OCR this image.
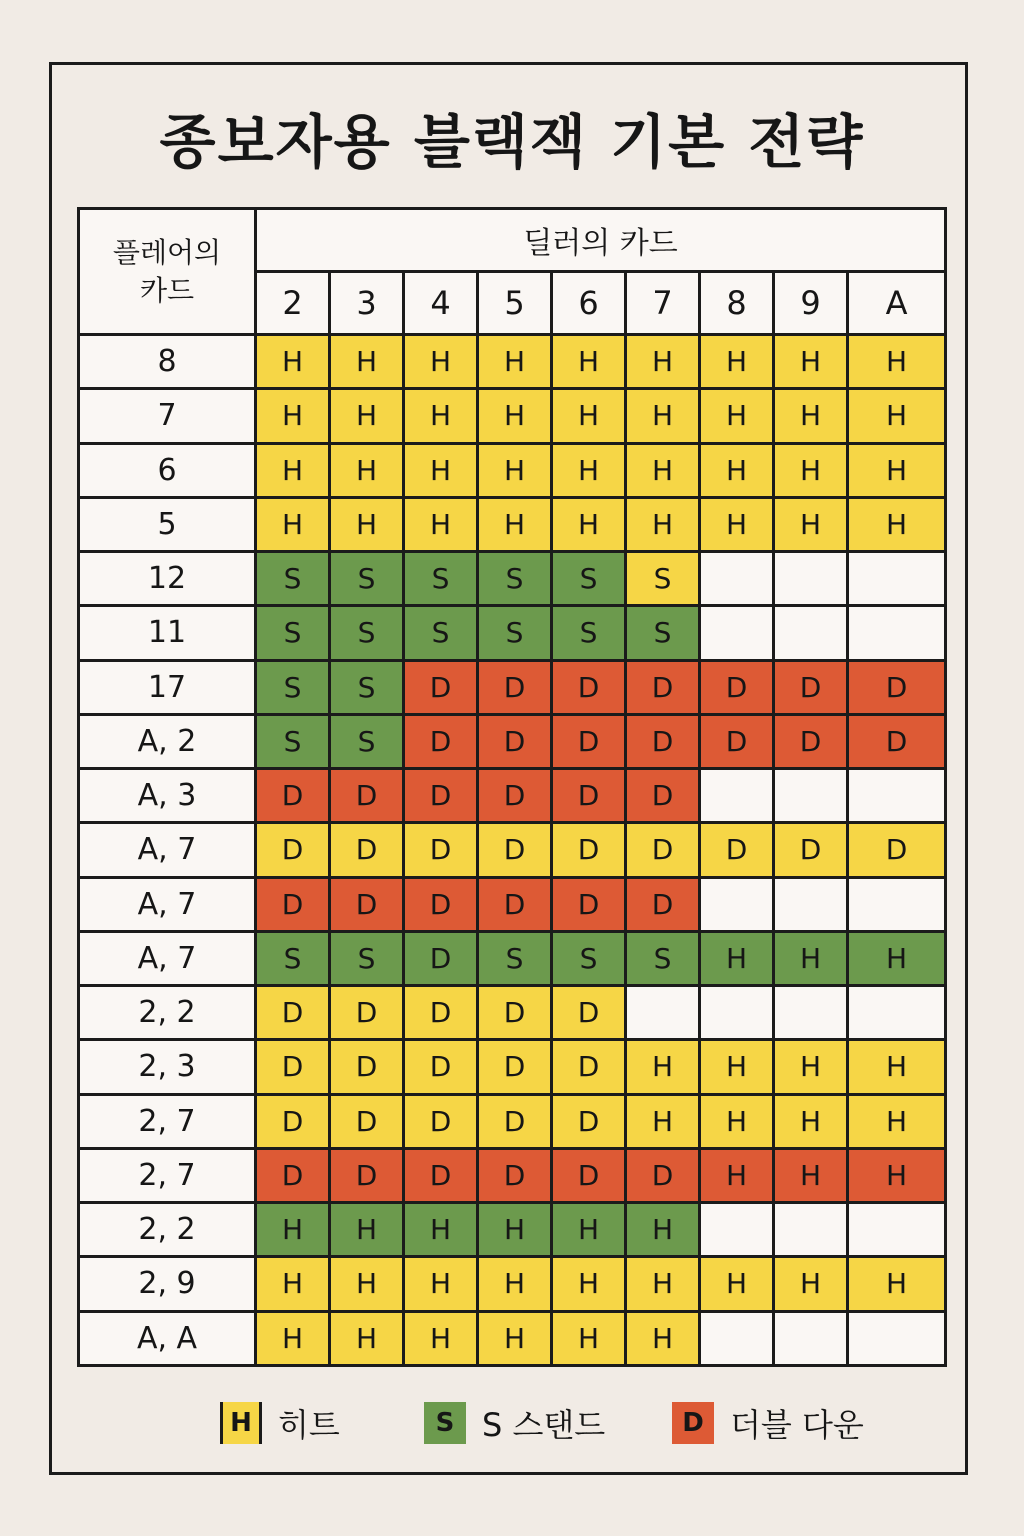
종보자용 블랙잭 기본 전략
플레어의
카드	딜러의 카드								
	2	3	4	5	6	7	8	9	A
8	H	H	H	H	H	H	H	H	H
7	H	H	H	H	H	H	H	H	H
6	H	H	H	H	H	H	H	H	H
5	H	H	H	H	H	H	H	H	H
12	S	S	S	S	S	S			
11	S	S	S	S	S	S			
17	S	S	D	D	D	D	D	D	D
A, 2	S	S	D	D	D	D	D	D	D
A, 3	D	D	D	D	D	D			
A, 7	D	D	D	D	D	D	D	D	D
A, 7	D	D	D	D	D	D			
A, 7	S	S	D	S	S	S	H	H	H
2, 2	D	D	D	D	D				
2, 3	D	D	D	D	D	H	H	H	H
2, 7	D	D	D	D	D	H	H	H	H
2, 7	D	D	D	D	D	D	H	H	H
2, 2	H	H	H	H	H	H			
2, 9	H	H	H	H	H	H	H	H	H
A, A	H	H	H	H	H	H			
H 히트	S S 스탠드	D 더블 다운
